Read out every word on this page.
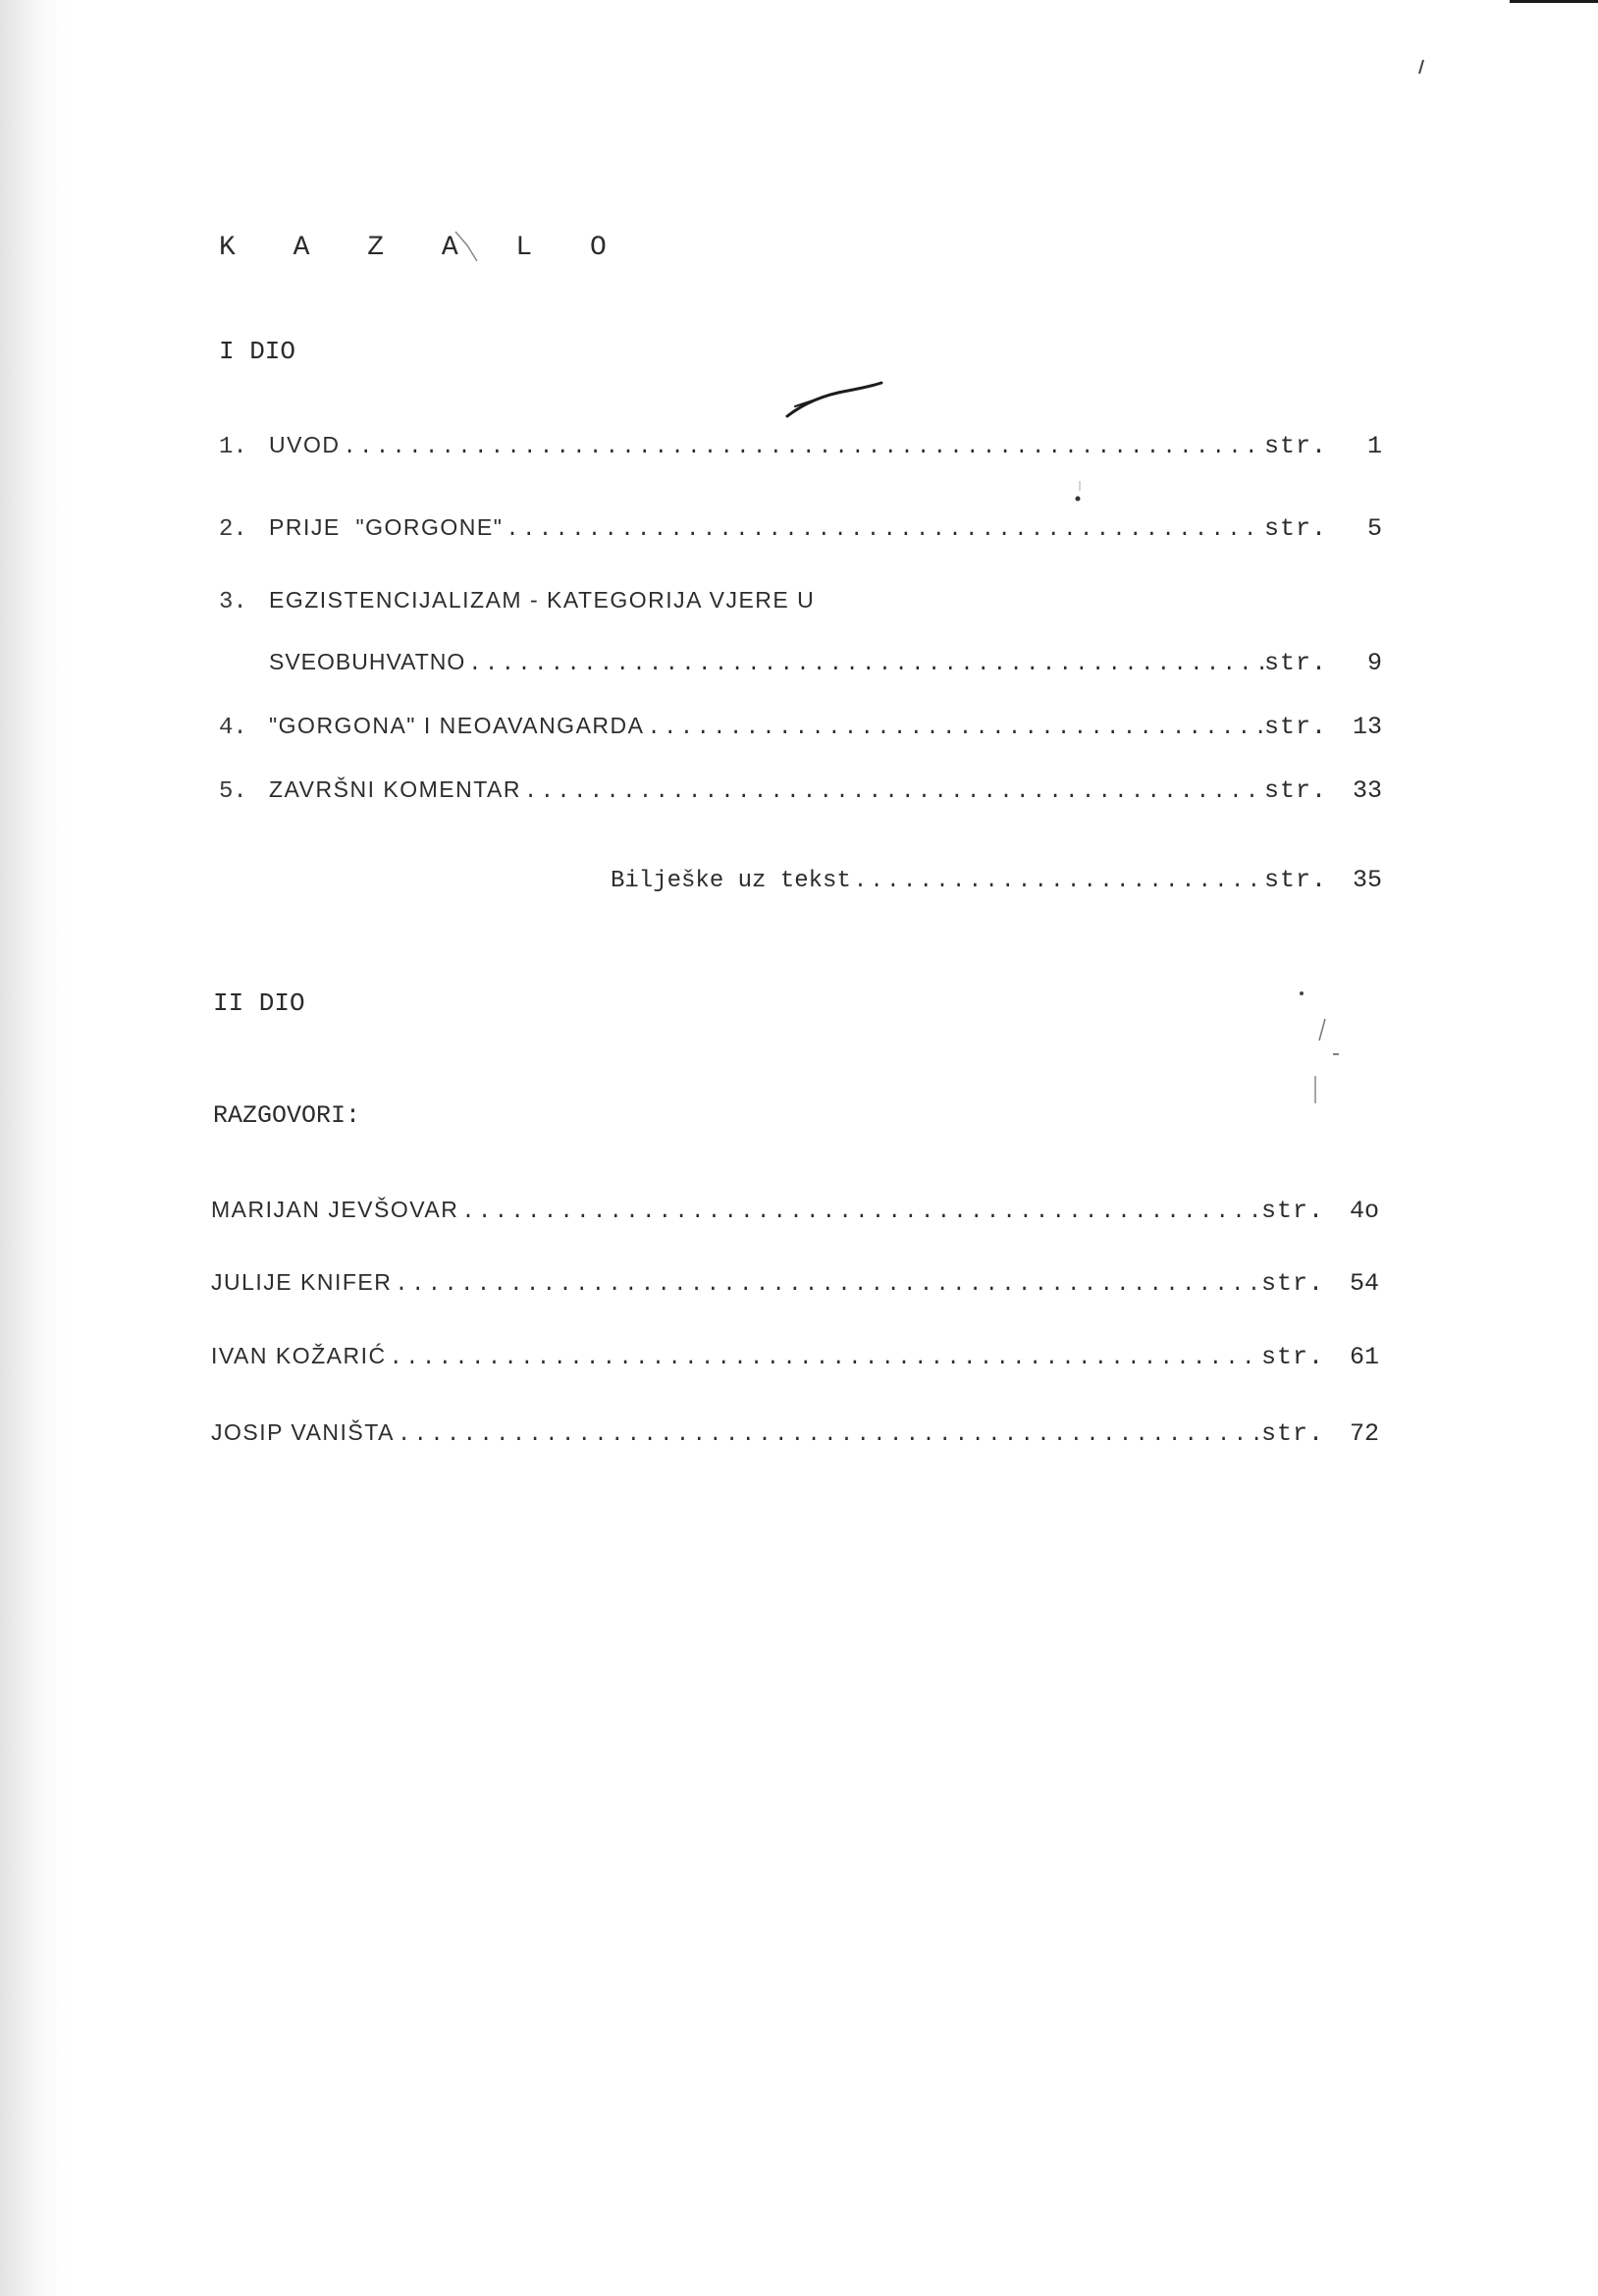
K A Z A L O
I DIO
1. UVOD .....	str.	1
2. PRIJE  "GORGONE" .....	str.	5
3. EGZISTENCIJALIZAM - KATEGORIJA VJERE U
SVEOBUHVATNO .....	str.	9
4. "GORGONA" I NEOAVANGARDA .....	str.	13
5. ZAVRŠNI KOMENTAR .....	str.	33
Bilješke uz tekst .....	str.	35
II DIO
RAZGOVORI:
MARIJAN JEVŠOVAR .....	str.	4o
JULIJE KNIFER .....	str.	54
IVAN KOŽARIĆ .....	str.	61
JOSIP VANIŠTA .....	str.	72
